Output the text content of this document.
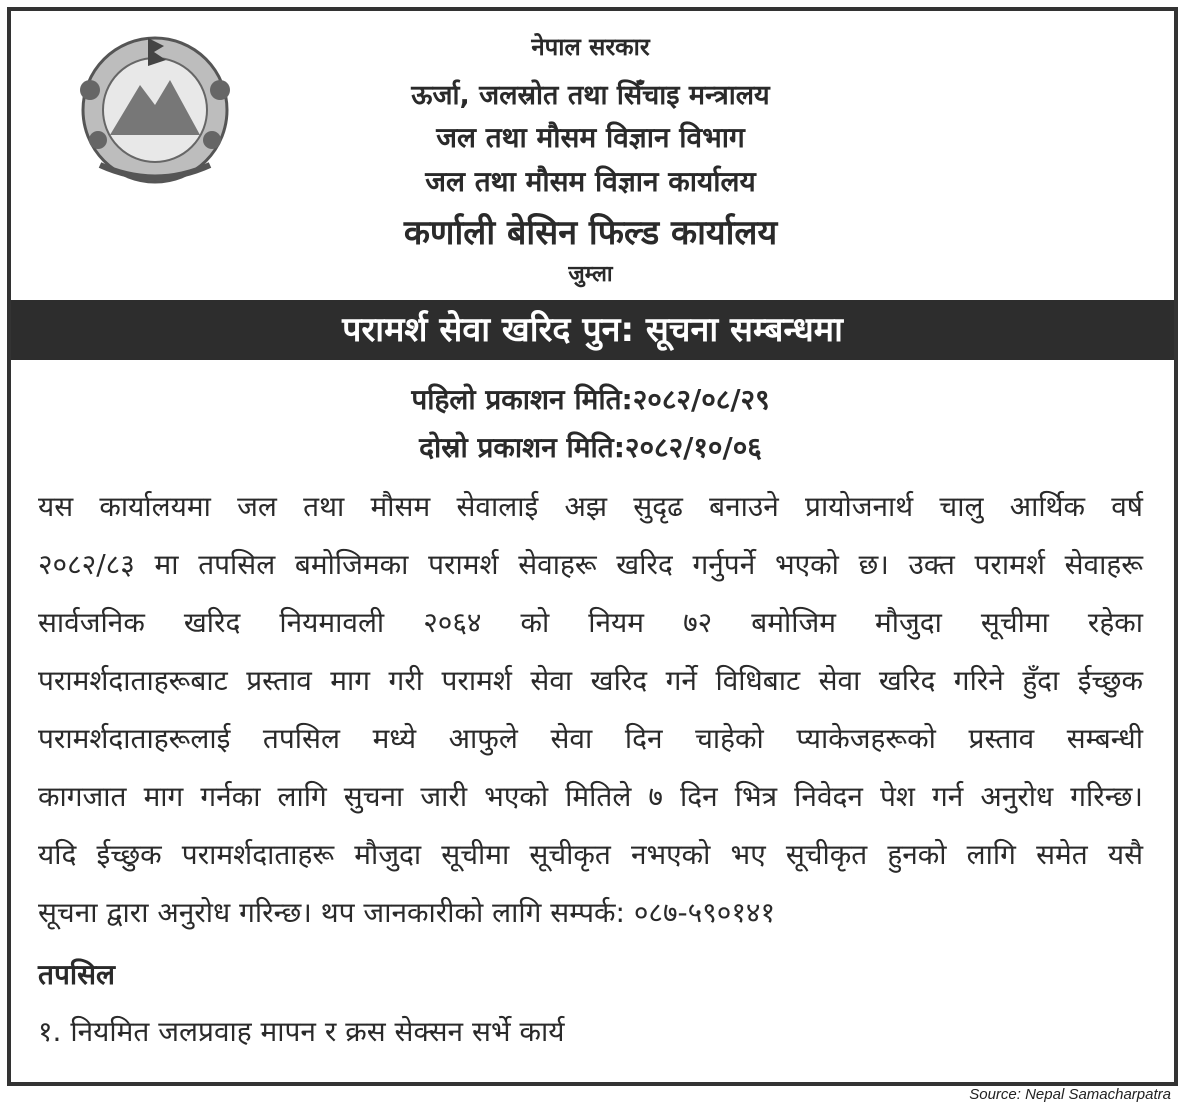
नेपाल सरकार
ऊर्जा, जलस्रोत तथा सिँचाइ मन्त्रालय
जल तथा मौसम विज्ञान विभाग
जल तथा मौसम विज्ञान कार्यालय
कर्णाली बेसिन फिल्ड कार्यालय
जुम्ला
परामर्श सेवा खरिद पुन: सूचना सम्बन्धमा
पहिलो प्रकाशन मिति:२०८२/०८/२९
दोस्रो प्रकाशन मिति:२०८२/१०/०६
यस कार्यालयमा जल तथा मौसम सेवालाई अझ सुदृढ बनाउने प्रायोजनार्थ चालु आर्थिक वर्ष
२०८२/८३ मा तपसिल बमोजिमका परामर्श सेवाहरू खरिद गर्नुपर्ने भएको छ। उक्त परामर्श सेवाहरू
सार्वजनिक खरिद नियमावली २०६४ को नियम ७२ बमोजिम मौजुदा सूचीमा रहेका
परामर्शदाताहरूबाट प्रस्ताव माग गरी परामर्श सेवा खरिद गर्ने विधिबाट सेवा खरिद गरिने हुँदा ईच्छुक
परामर्शदाताहरूलाई तपसिल मध्ये आफुले सेवा दिन चाहेको प्याकेजहरूको प्रस्ताव सम्बन्धी
कागजात माग गर्नका लागि सुचना जारी भएको मितिले ७ दिन भित्र निवेदन पेश गर्न अनुरोध गरिन्छ।
यदि ईच्छुक परामर्शदाताहरू मौजुदा सूचीमा सूचीकृत नभएको भए सूचीकृत हुनको लागि समेत यसै
सूचना द्वारा अनुरोध गरिन्छ। थप जानकारीको लागि सम्पर्क: ०८७-५९०१४१
तपसिल
१. नियमित जलप्रवाह मापन र क्रस सेक्सन सर्भे कार्य
Source: Nepal Samacharpatra
